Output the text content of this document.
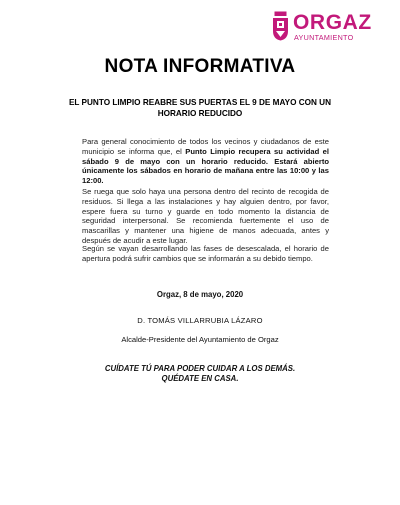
ORGAZ
AYUNTAMIENTO
NOTA INFORMATIVA
EL PUNTO LIMPIO REABRE SUS PUERTAS EL 9 DE MAYO CON UN HORARIO REDUCIDO
Para general conocimiento de todos los vecinos y ciudadanos de este municipio se informa que, el Punto Limpio recupera su actividad el sábado 9 de mayo con un horario reducido. Estará abierto únicamente los sábados en horario de mañana entre las 10:00 y las 12:00.
Se ruega que solo haya una persona dentro del recinto de recogida de residuos. Si llega a las instalaciones y hay alguien dentro, por favor, espere fuera su turno y guarde en todo momento la distancia de seguridad interpersonal. Se recomienda fuertemente el uso de mascarillas y mantener una higiene de manos adecuada, antes y después de acudir a este lugar.
Según se vayan desarrollando las fases de desescalada, el horario de apertura podrá sufrir cambios que se informarán a su debido tiempo.
Orgaz, 8 de mayo, 2020
D. TOMÁS VILLARRUBIA LÁZARO
Alcalde-Presidente del Ayuntamiento de Orgaz
CUÍDATE TÚ PARA PODER CUIDAR A LOS DEMÁS.
QUÉDATE EN CASA.
